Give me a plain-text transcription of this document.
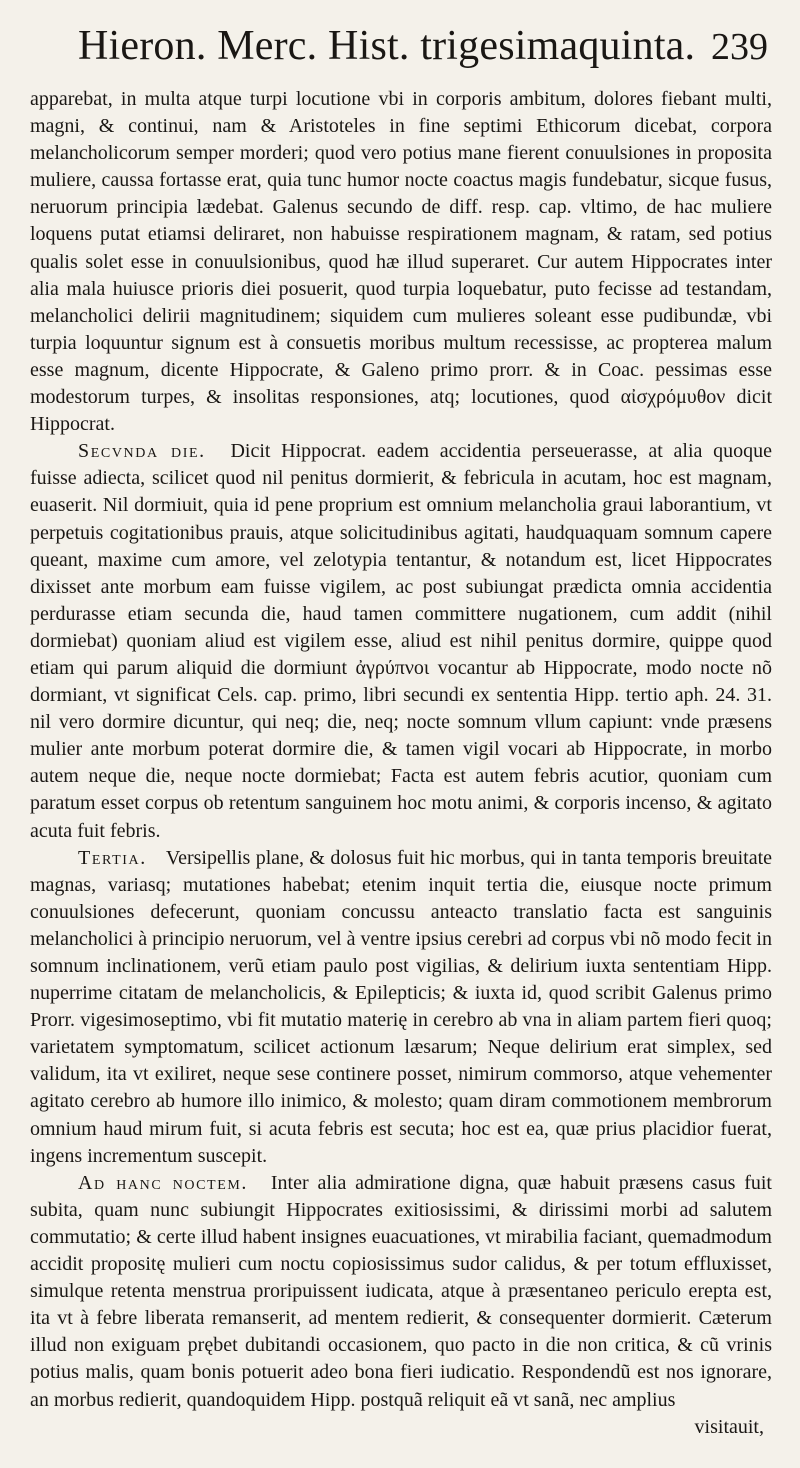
Hieron. Merc. Hist. trigesimaquinta. 239

apparebat, in multa atque turpi locutione vbi in corporis ambitum, dolores fiebant multi, magni, & continui, nam & Aristoteles in fine septimi Ethicorum dicebat, corpora melancholicorum semper morderi; quod vero potius mane fierent conuulsiones in proposita muliere, caussa fortasse erat, quia tunc humor nocte coactus magis fundebatur, sicque fusus, neruorum principia lædebat. Galenus secundo de diff. resp. cap. vltimo, de hac muliere loquens putat etiamsi deliraret, non habuisse respirationem magnam, & ratam, sed potius qualis solet esse in conuulsionibus, quod hæ illud superaret. Cur autem Hippocrates inter alia mala huiusce prioris diei posuerit, quod turpia loquebatur, puto fecisse ad testandam, melancholici delirii magnitudinem; siquidem cum mulieres soleant esse pudibundæ, vbi turpia loquuntur signum est à consuetis moribus multum recessisse, ac propterea malum esse magnum, dicente Hippocrate, & Galeno primo prorr. & in Coac. pessimas esse modestorum turpes, & insolitas responsiones, atq; locutiones, quod αἰσχρόμυθον dicit Hippocrat.

Secvnda die. Dicit Hippocrat. eadem accidentia perseuerasse, at alia quoque fuisse adiecta, scilicet quod nil penitus dormierit, & febricula in acutam, hoc est magnam, euaserit. Nil dormiuit, quia id pene proprium est omnium melancholia graui laborantium, vt perpetuis cogitationibus prauis, atque solicitudinibus agitati, haudquaquam somnum capere queant, maxime cum amore, vel zelotypia tentantur, & notandum est, licet Hippocrates dixisset ante morbum eam fuisse vigilem, ac post subiungat prædicta omnia accidentia perdurasse etiam secunda die, haud tamen committere nugationem, cum addit (nihil dormiebat) quoniam aliud est vigilem esse, aliud est nihil penitus dormire, quippe quod etiam qui parum aliquid die dormiunt ἀγρύπνοι vocantur ab Hippocrate, modo nocte nõ dormiant, vt significat Cels. cap. primo, libri secundi ex sententia Hipp. tertio aph. 24. 31. nil vero dormire dicuntur, qui neq; die, neq; nocte somnum vllum capiunt: vnde præsens mulier ante morbum poterat dormire die, & tamen vigil vocari ab Hippocrate, in morbo autem neque die, neque nocte dormiebat; Facta est autem febris acutior, quoniam cum paratum esset corpus ob retentum sanguinem hoc motu animi, & corporis incenso, & agitato acuta fuit febris.

Tertia. Versipellis plane, & dolosus fuit hic morbus, qui in tanta temporis breuitate magnas, variasq; mutationes habebat; etenim inquit tertia die, eiusque nocte primum conuulsiones defecerunt, quoniam concussu anteacto translatio facta est sanguinis melancholici à principio neruorum, vel à ventre ipsius cerebri ad corpus vbi nõ modo fecit in somnum inclinationem, verũ etiam paulo post vigilias, & delirium iuxta sententiam Hipp. nuperrime citatam de melancholicis, & Epilepticis; & iuxta id, quod scribit Galenus primo Prorr. vigesimoseptimo, vbi fit mutatio materię in cerebro ab vna in aliam partem fieri quoq; varietatem symptomatum, scilicet actionum læsarum; Neque delirium erat simplex, sed validum, ita vt exiliret, neque sese continere posset, nimirum commorso, atque vehementer agitato cerebro ab humore illo inimico, & molesto; quam diram commotionem membrorum omnium haud mirum fuit, si acuta febris est secuta; hoc est ea, quæ prius placidior fuerat, ingens incrementum suscepit.

Ad hanc noctem. Inter alia admiratione digna, quæ habuit præsens casus fuit subita, quam nunc subiungit Hippocrates exitiosissimi, & dirissimi morbi ad salutem commutatio; & certe illud habent insignes euacuationes, vt mirabilia faciant, quemadmodum accidit propositę mulieri cum noctu copiosissimus sudor calidus, & per totum effluxisset, simulque retenta menstrua proripuissent iudicata, atque à præsentaneo periculo erepta est, ita vt à febre liberata remanserit, ad mentem redierit, & consequenter dormierit. Cæterum illud non exiguam prębet dubitandi occasionem, quo pacto in die non critica, & cũ vrinis potius malis, quam bonis potuerit adeo bona fieri iudicatio. Respondendũ est nos ignorare, an morbus redierit, quandoquidem Hipp. postquã reliquit eã vt sanã, nec amplius

visitauit,
